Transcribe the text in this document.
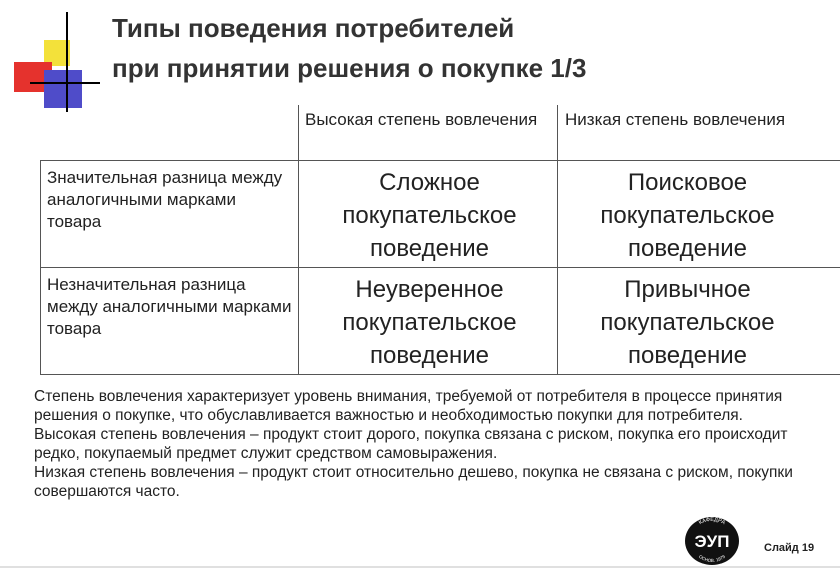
Типы поведения потребителей
при принятии решения о покупке 1/3
Высокая степень вовлечения	Низкая степень вовлечения
Значительная разница между аналогичными марками товара
Незначительная разница между аналогичными марками товара
Сложное покупательское поведение
Поисковое покупательское поведение
Неуверенное покупательское поведение
Привычное покупательское поведение

Степень вовлечения характеризует уровень внимания, требуемой от потребителя в процессе принятия решения о покупке, что обуславливается важностью и необходимостью покупки для потребителя.

Высокая степень вовлечения – продукт стоит дорого, покупка связана с риском, покупка его происходит редко, покупаемый предмет служит средством самовыражения.

Низкая степень вовлечения – продукт стоит относительно дешево, покупка не связана с риском, покупки совершаются часто.

КАФЕДРА
ЭУП
ОСНОВ. 1979
Слайд 19
